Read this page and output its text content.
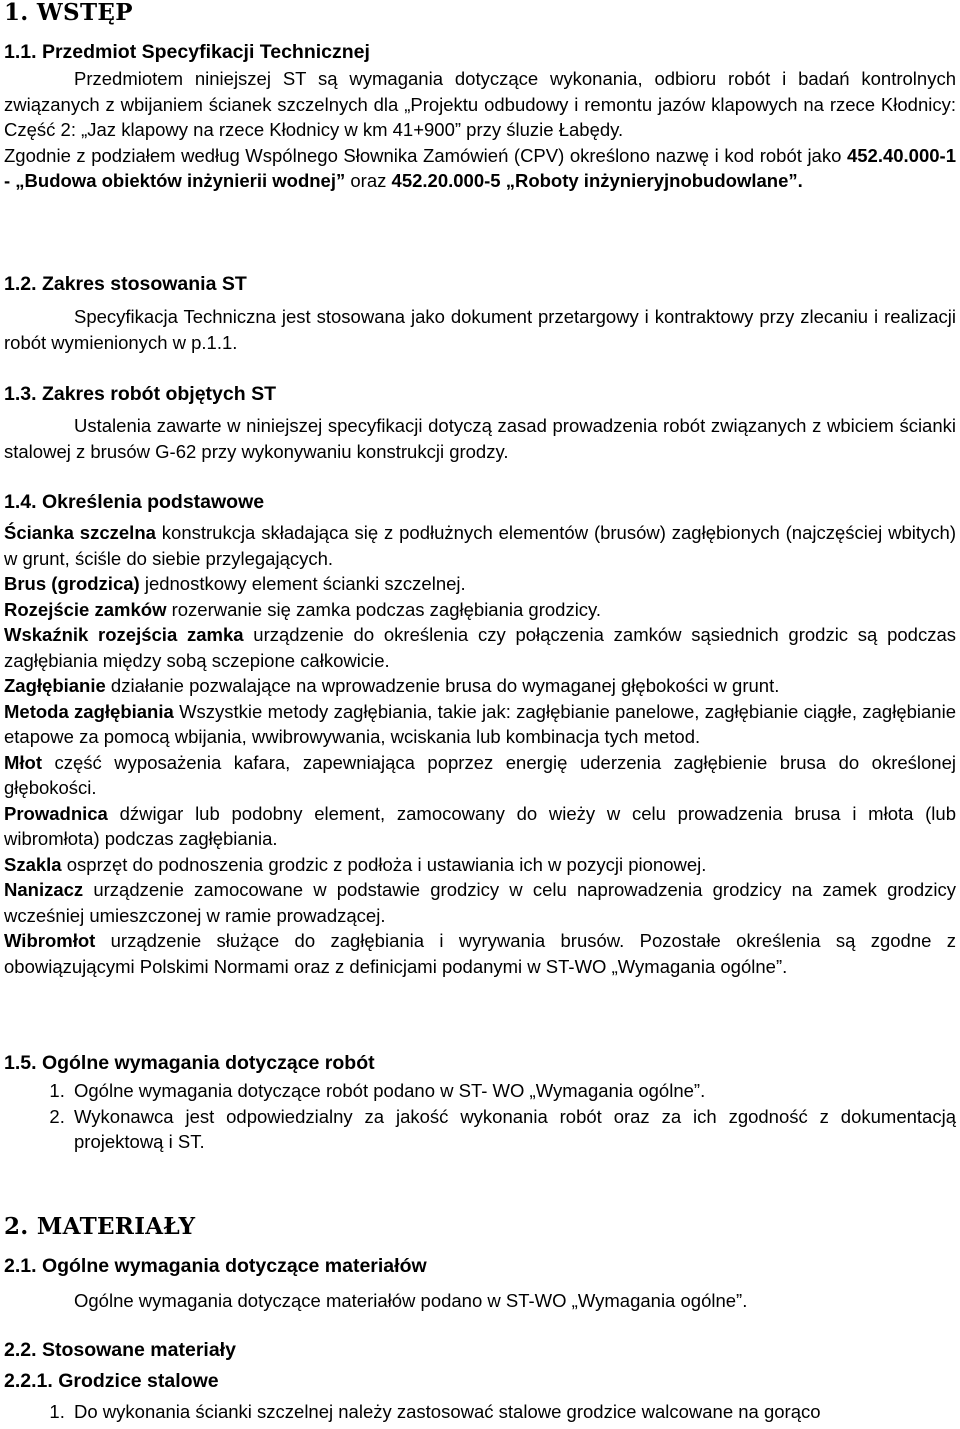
1. WSTĘP
1.1. Przedmiot Specyfikacji Technicznej

Przedmiotem niniejszej ST są wymagania dotyczące wykonania, odbioru robót i badań kontrolnych związanych z wbijaniem ścianek szczelnych dla „Projektu odbudowy i remontu jazów klapowych na rzece Kłodnicy: Część 2: „Jaz klapowy na rzece Kłodnicy w km 41+900” przy śluzie Łabędy.

Zgodnie z podziałem według Wspólnego Słownika Zamówień (CPV) określono nazwę i kod robót jako 452.40.000-1 - „Budowa obiektów inżynierii wodnej” oraz 452.20.000-5 „Roboty inżynieryjnobudowlane”.

1.2. Zakres stosowania ST

Specyfikacja Techniczna jest stosowana jako dokument przetargowy i kontraktowy przy zlecaniu i realizacji robót wymienionych w p.1.1.

1.3. Zakres robót objętych ST

Ustalenia zawarte w niniejszej specyfikacji dotyczą zasad prowadzenia robót związanych z wbiciem ścianki stalowej z brusów G-62 przy wykonywaniu konstrukcji grodzy.

1.4. Określenia podstawowe

Ścianka szczelna konstrukcja składająca się z podłużnych elementów (brusów) zagłębionych (najczęściej wbitych) w grunt, ściśle do siebie przylegających.

Brus (grodzica) jednostkowy element ścianki szczelnej.

Rozejście zamków rozerwanie się zamka podczas zagłębiania grodzicy.

Wskaźnik rozejścia zamka urządzenie do określenia czy połączenia zamków sąsiednich grodzic są podczas zagłębiania między sobą sczepione całkowicie.

Zagłębianie działanie pozwalające na wprowadzenie brusa do wymaganej głębokości w grunt.

Metoda zagłębiania Wszystkie metody zagłębiania, takie jak: zagłębianie panelowe, zagłębianie ciągłe, zagłębianie etapowe za pomocą wbijania, wwibrowywania, wciskania lub kombinacja tych metod.

Młot część wyposażenia kafara, zapewniająca poprzez energię uderzenia zagłębienie brusa do określonej głębokości.

Prowadnica dźwigar lub podobny element, zamocowany do wieży w celu prowadzenia brusa i młota (lub wibromłota) podczas zagłębiania.

Szakla osprzęt do podnoszenia grodzic z podłoża i ustawiania ich w pozycji pionowej.

Nanizacz urządzenie zamocowane w podstawie grodzicy w celu naprowadzenia grodzicy na zamek grodzicy wcześniej umieszczonej w ramie prowadzącej.

Wibromłot urządzenie służące do zagłębiania i wyrywania brusów. Pozostałe określenia są zgodne z obowiązującymi Polskimi Normami oraz z definicjami podanymi w ST-WO „Wymagania ogólne”.

1.5. Ogólne wymagania dotyczące robót
1. Ogólne wymagania dotyczące robót podano w ST- WO „Wymagania ogólne”.
2. Wykonawca jest odpowiedzialny za jakość wykonania robót oraz za ich zgodność z dokumentacją projektową i ST.
2. MATERIAŁY
2.1. Ogólne wymagania dotyczące materiałów

Ogólne wymagania dotyczące materiałów podano w ST-WO „Wymagania ogólne”.

2.2. Stosowane materiały
2.2.1. Grodzice stalowe
1. Do wykonania ścianki szczelnej należy zastosować stalowe grodzice walcowane na gorąco
